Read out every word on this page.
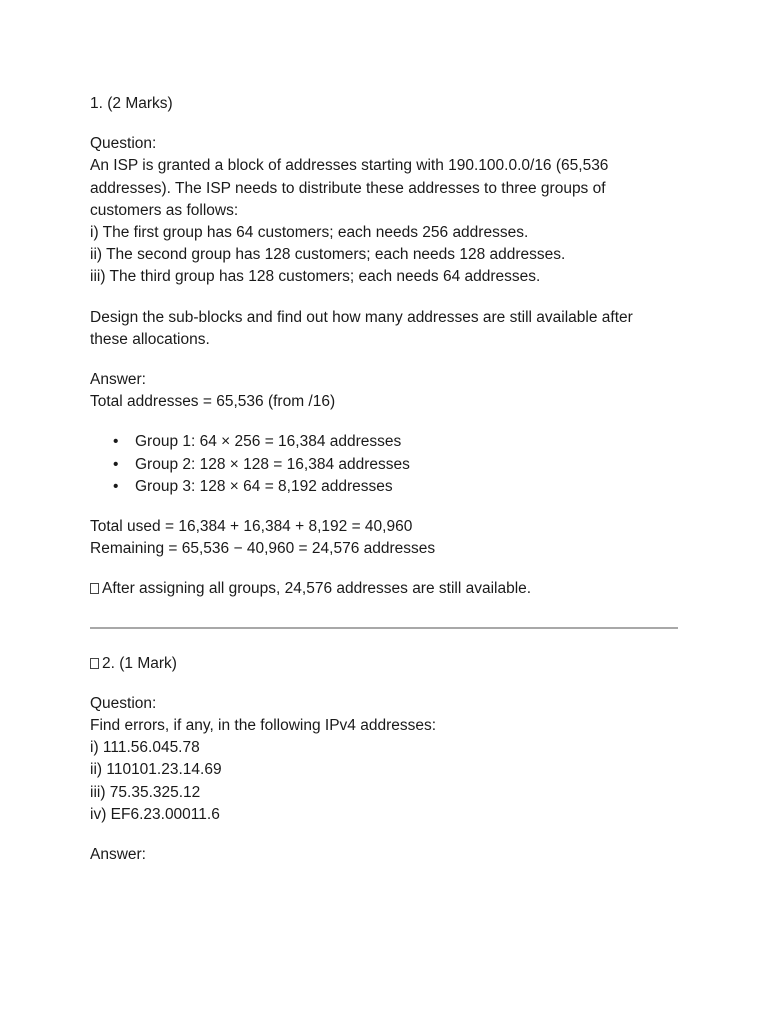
1. (2 Marks)
Question:
An ISP is granted a block of addresses starting with 190.100.0.0/16 (65,536
addresses). The ISP needs to distribute these addresses to three groups of
customers as follows:
i) The first group has 64 customers; each needs 256 addresses.
ii) The second group has 128 customers; each needs 128 addresses.
iii) The third group has 128 customers; each needs 64 addresses.
Design the sub-blocks and find out how many addresses are still available after
these allocations.
Answer:
Total addresses = 65,536 (from /16)
• Group 1: 64 × 256 = 16,384 addresses
• Group 2: 128 × 128 = 16,384 addresses
• Group 3: 128 × 64 = 8,192 addresses
Total used = 16,384 + 16,384 + 8,192 = 40,960
Remaining = 65,536 − 40,960 = 24,576 addresses
After assigning all groups, 24,576 addresses are still available.
2. (1 Mark)
Question:
Find errors, if any, in the following IPv4 addresses:
i) 111.56.045.78
ii) 110101.23.14.69
iii) 75.35.325.12
iv) EF6.23.00011.6
Answer:
